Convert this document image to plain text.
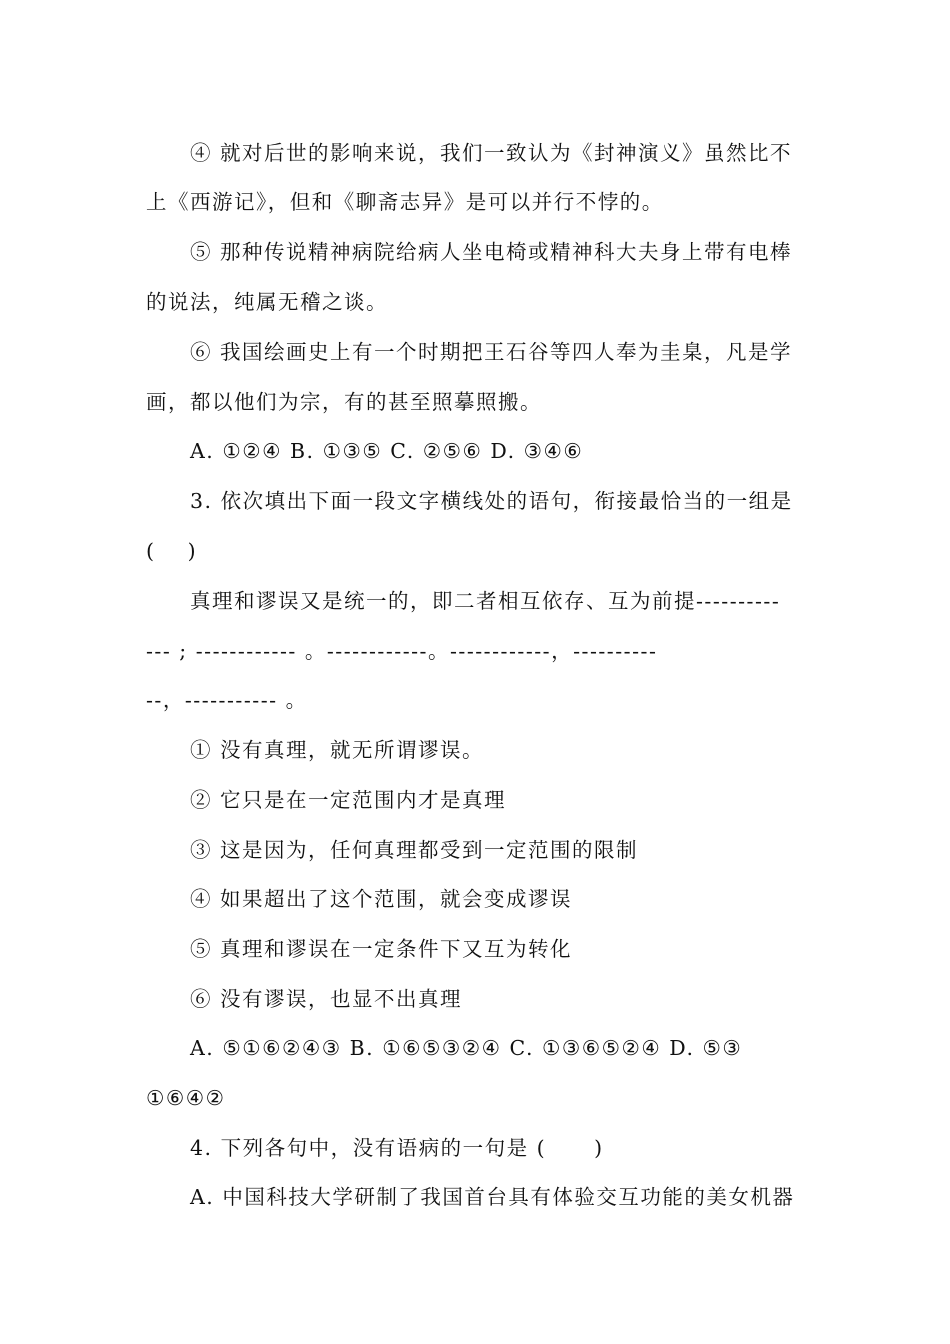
④ 就对后世的影响来说，我们一致认为《封神演义》虽然比不
上《西游记》，但和《聊斋志异》是可以并行不悖的。
⑤ 那种传说精神病院给病人坐电椅或精神科大夫身上带有电棒
的说法，纯属无稽之谈。
⑥ 我国绘画史上有一个时期把王石谷等四人奉为圭臬，凡是学
画，都以他们为宗，有的甚至照摹照搬。
A. ①②④ B. ①③⑤ C. ②⑤⑥ D. ③④⑥
3. 依次填出下面一段文字横线处的语句，衔接最恰当的一组是
(    )
真理和谬误又是统一的，即二者相互依存、互为前提----------
--- ; ------------ 。------------。------------，----------
--，----------- 。
① 没有真理，就无所谓谬误。
② 它只是在一定范围内才是真理
③ 这是因为，任何真理都受到一定范围的限制
④ 如果超出了这个范围，就会变成谬误
⑤ 真理和谬误在一定条件下又互为转化
⑥ 没有谬误，也显不出真理
A. ⑤①⑥②④③ B. ①⑥⑤③②④ C. ①③⑥⑤②④ D. ⑤③
①⑥④②
4. 下列各句中，没有语病的一句是 (      )
A. 中国科技大学研制了我国首台具有体验交互功能的美女机器
